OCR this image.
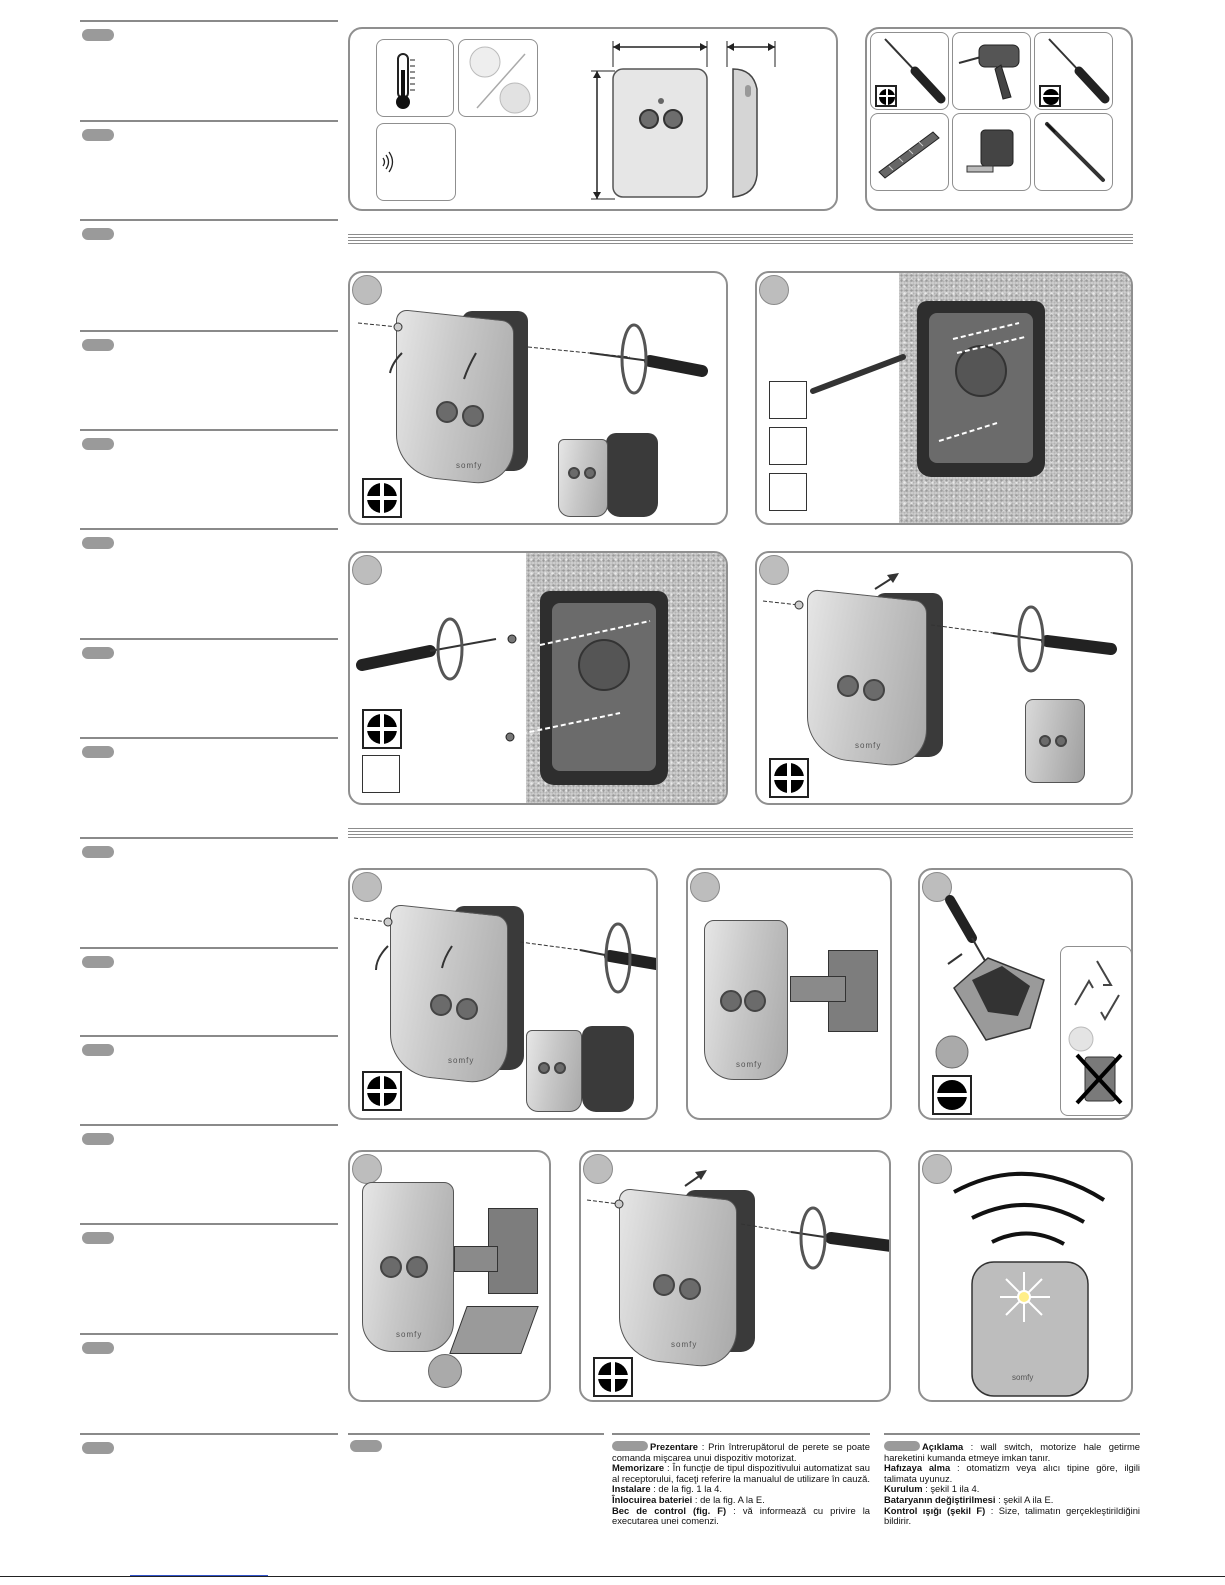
somfy
somfy
somfy	somfy
somfy
somfy
somfy

Prezentare : Prin întrerupătorul de perete se poate comanda mişcarea unui dispozitiv motorizat.

Memorizare : În funcţie de tipul dispozitivului automatizat sau al receptorului, faceţi referire la manualul de utilizare în cauză.

Instalare : de la fig. 1 la 4.

Înlocuirea bateriei : de la fig. A la E.

Bec de control (fig. F) : vă informează cu privire la executarea unei comenzi.

Açıklama : wall switch, motorize hale getirme hareketini kumanda etmeye imkan tanır.

Hafızaya alma : otomatizm veya alıcı tipine göre, ilgili talimata uyunuz.

Kurulum : şekil 1 ila 4.

Bataryanın değiştirilmesi : şekil A ila E.

Kontrol ışığı (şekil F) : Size, talimatın gerçekleştirildiğini bildirir.
